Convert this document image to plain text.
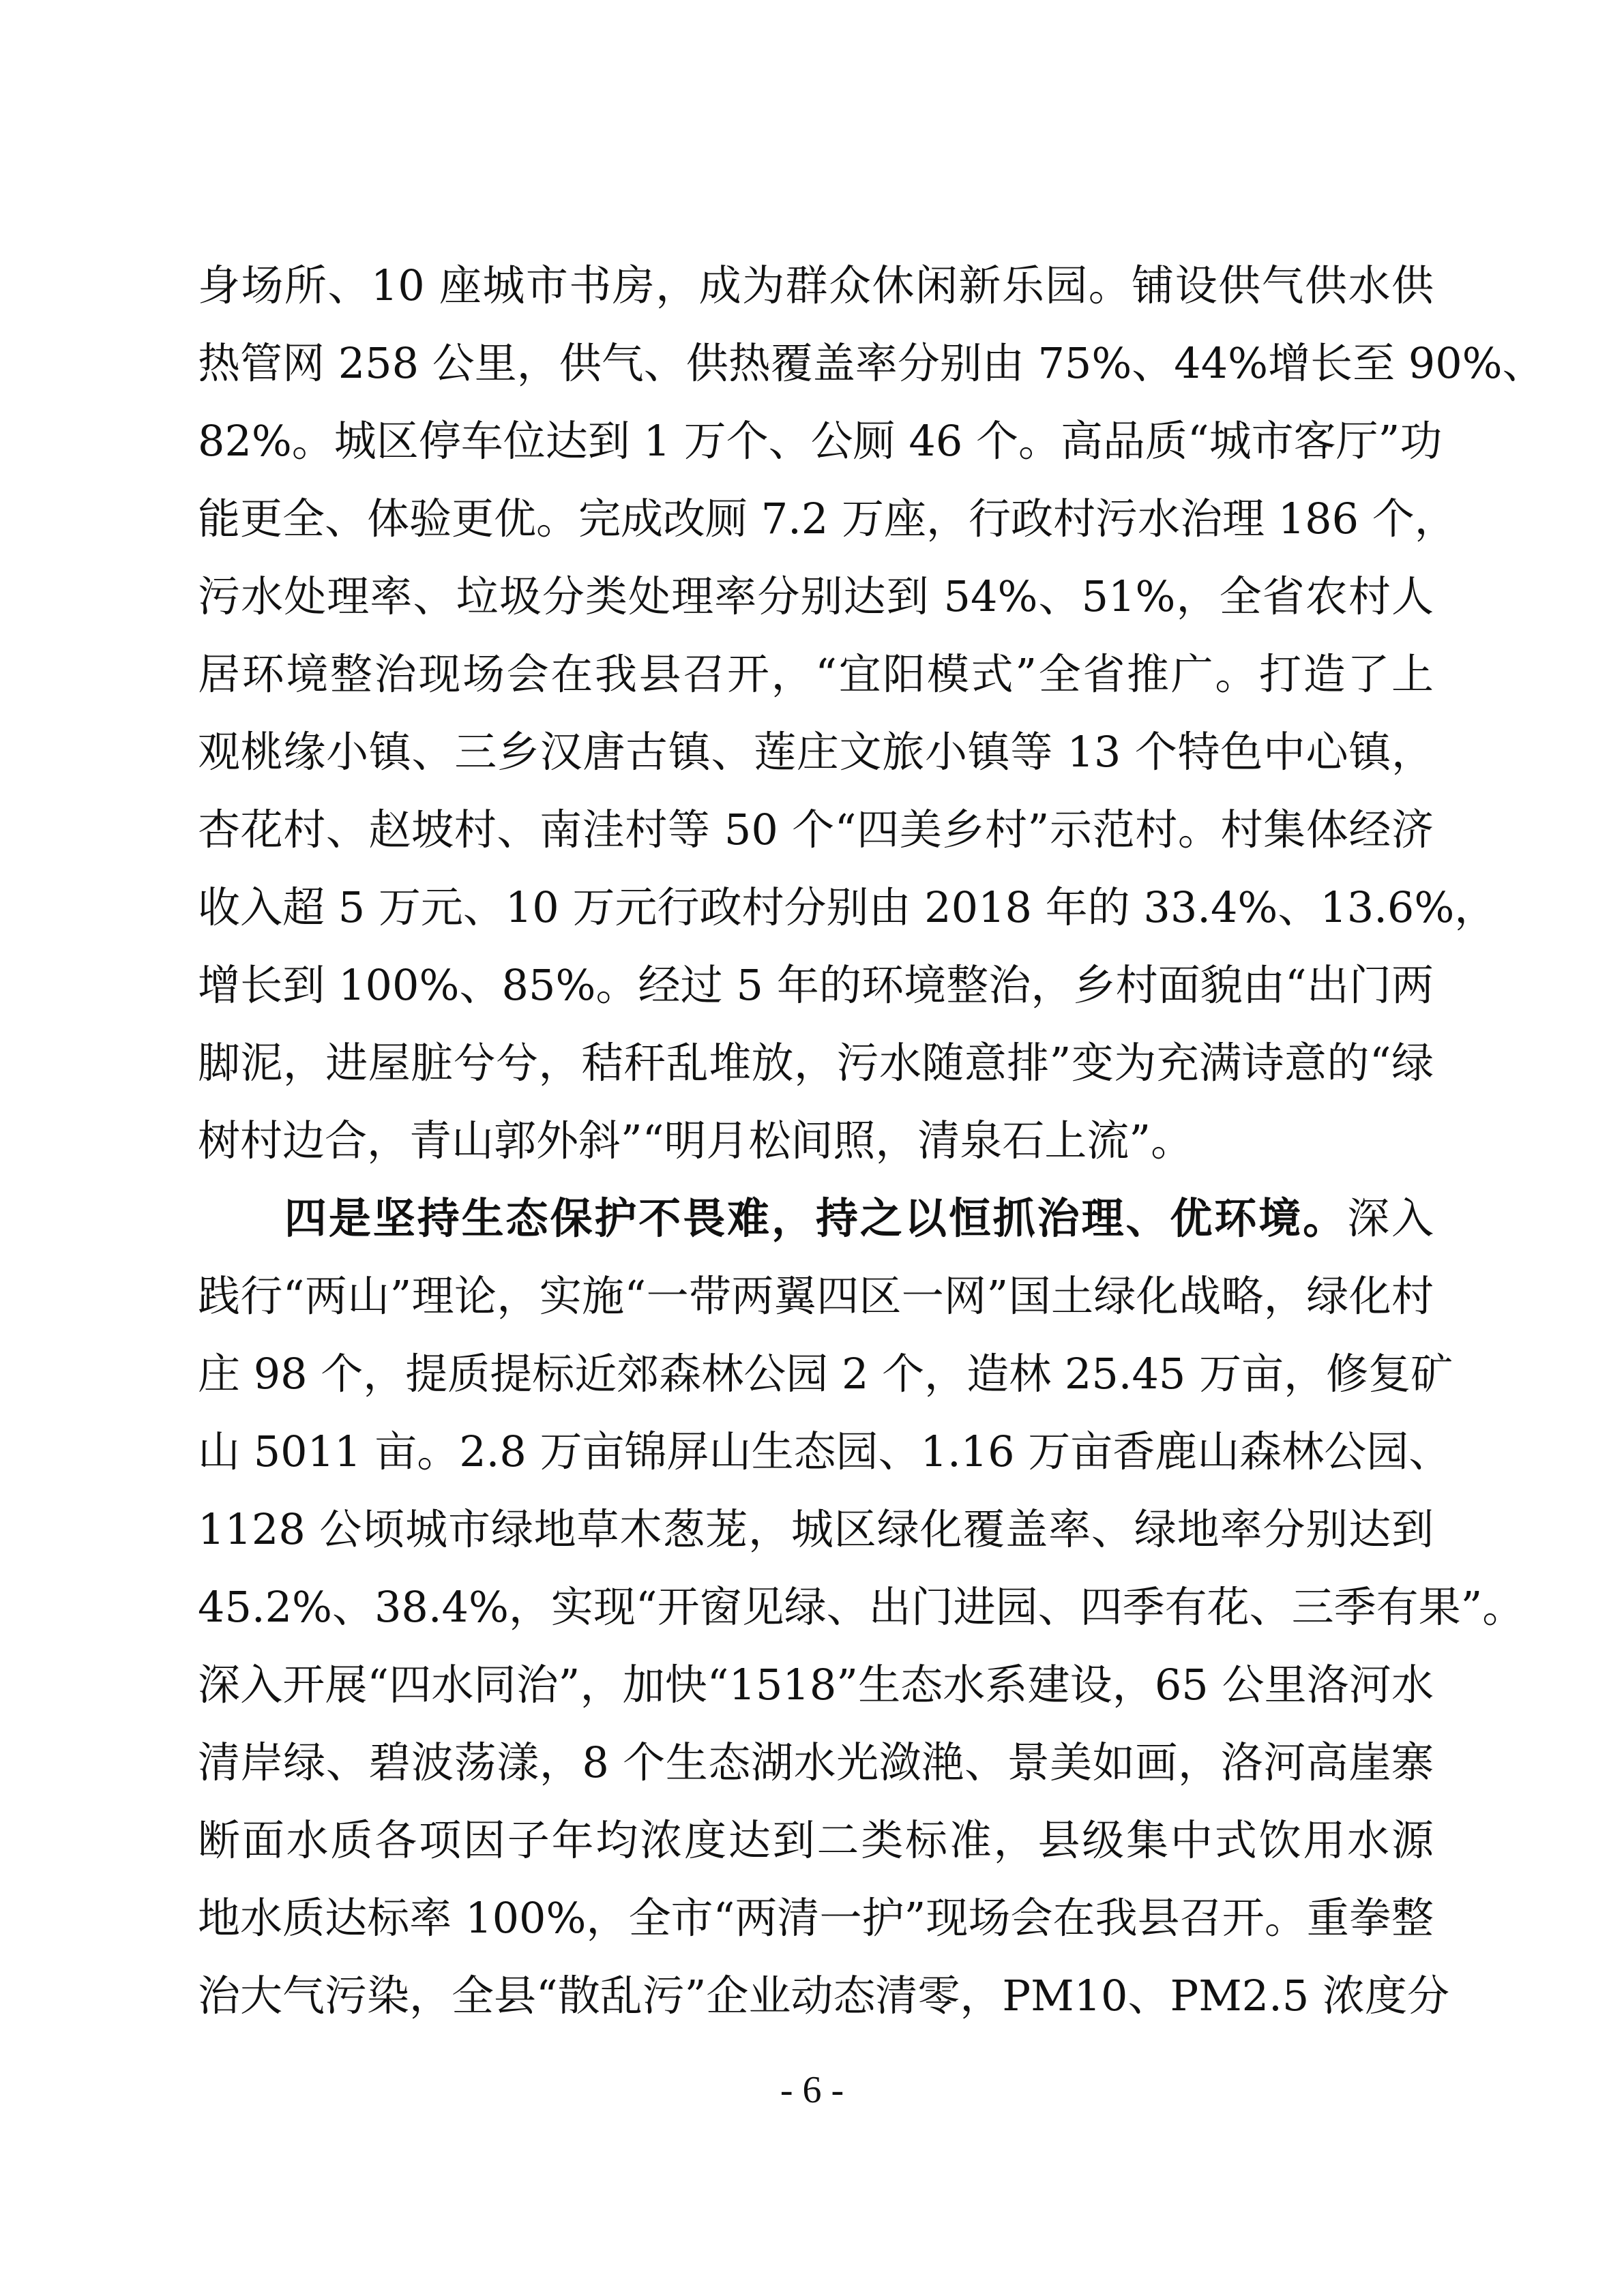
身场所、10 座城市书房，成为群众休闲新乐园。铺设供气供水供
热管网 258 公里，供气、供热覆盖率分别由 75%、44%增长至 90%、
82%。城区停车位达到 1 万个、公厕 46 个。高品质“城市客厅”功
能更全、体验更优。完成改厕 7.2 万座，行政村污水治理 186 个，
污水处理率、垃圾分类处理率分别达到 54%、51%，全省农村人
居环境整治现场会在我县召开，“宜阳模式”全省推广。打造了上
观桃缘小镇、三乡汉唐古镇、莲庄文旅小镇等 13 个特色中心镇，
杏花村、赵坡村、南洼村等 50 个“四美乡村”示范村。村集体经济
收入超 5 万元、10 万元行政村分别由 2018 年的 33.4%、13.6%，
增长到 100%、85%。经过 5 年的环境整治，乡村面貌由“出门两
脚泥，进屋脏兮兮，秸秆乱堆放，污水随意排”变为充满诗意的“绿
树村边合，青山郭外斜”“明月松间照，清泉石上流”。
四是坚持生态保护不畏难，持之以恒抓治理、优环境。深入
践行“两山”理论，实施“一带两翼四区一网”国土绿化战略，绿化村
庄 98 个，提质提标近郊森林公园 2 个，造林 25.45 万亩，修复矿
山 5011 亩。2.8 万亩锦屏山生态园、1.16 万亩香鹿山森林公园、
1128 公顷城市绿地草木葱茏，城区绿化覆盖率、绿地率分别达到
45.2%、38.4%，实现“开窗见绿、出门进园、四季有花、三季有果”。
深入开展“四水同治”，加快“1518”生态水系建设，65 公里洛河水
清岸绿、碧波荡漾，8 个生态湖水光潋滟、景美如画，洛河高崖寨
断面水质各项因子年均浓度达到二类标准，县级集中式饮用水源
地水质达标率 100%，全市“两清一护”现场会在我县召开。重拳整
治大气污染，全县“散乱污”企业动态清零，PM10、PM2.5 浓度分
- 6 -
